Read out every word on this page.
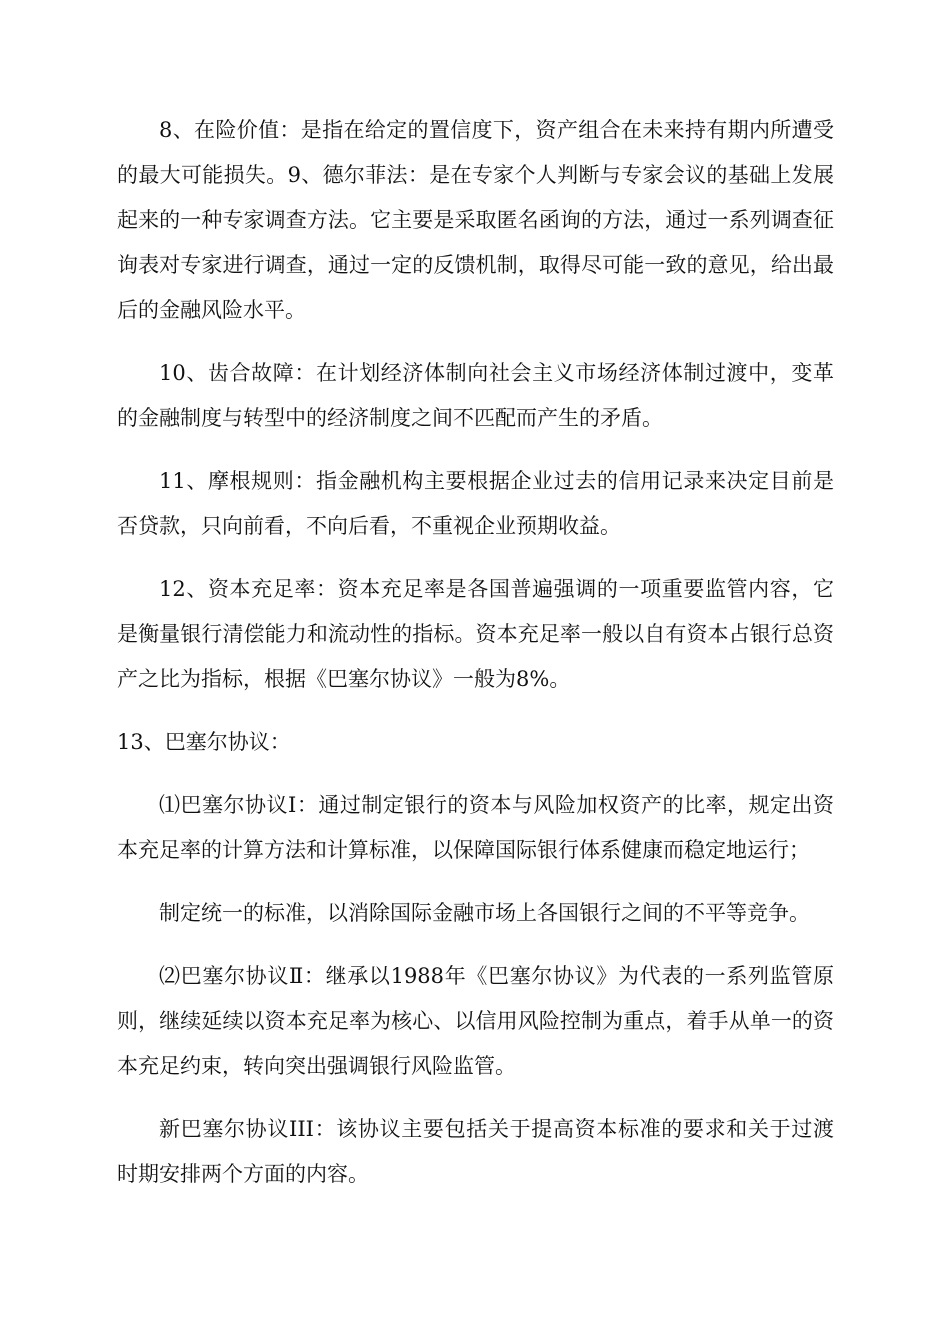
8、在险价值：是指在给定的置信度下，资产组合在未来持有期内所遭受的最大可能损失。9、德尔菲法：是在专家个人判断与专家会议的基础上发展起来的一种专家调查方法。它主要是采取匿名函询的方法，通过一系列调查征询表对专家进行调查，通过一定的反馈机制，取得尽可能一致的意见，给出最后的金融风险水平。

10、齿合故障：在计划经济体制向社会主义市场经济体制过渡中，变革的金融制度与转型中的经济制度之间不匹配而产生的矛盾。

11、摩根规则：指金融机构主要根据企业过去的信用记录来决定目前是否贷款，只向前看，不向后看，不重视企业预期收益。

12、资本充足率：资本充足率是各国普遍强调的一项重要监管内容，它是衡量银行清偿能力和流动性的指标。资本充足率一般以自有资本占银行总资产之比为指标，根据《巴塞尔协议》一般为8%。

13、巴塞尔协议：

⑴巴塞尔协议Ⅰ：通过制定银行的资本与风险加权资产的比率，规定出资本充足率的计算方法和计算标准，以保障国际银行体系健康而稳定地运行；

制定统一的标准，以消除国际金融市场上各国银行之间的不平等竞争。

⑵巴塞尔协议Ⅱ：继承以1988年《巴塞尔协议》为代表的一系列监管原则，继续延续以资本充足率为核心、以信用风险控制为重点，着手从单一的资本充足约束，转向突出强调银行风险监管。

新巴塞尔协议III：该协议主要包括关于提高资本标准的要求和关于过渡时期安排两个方面的内容。
